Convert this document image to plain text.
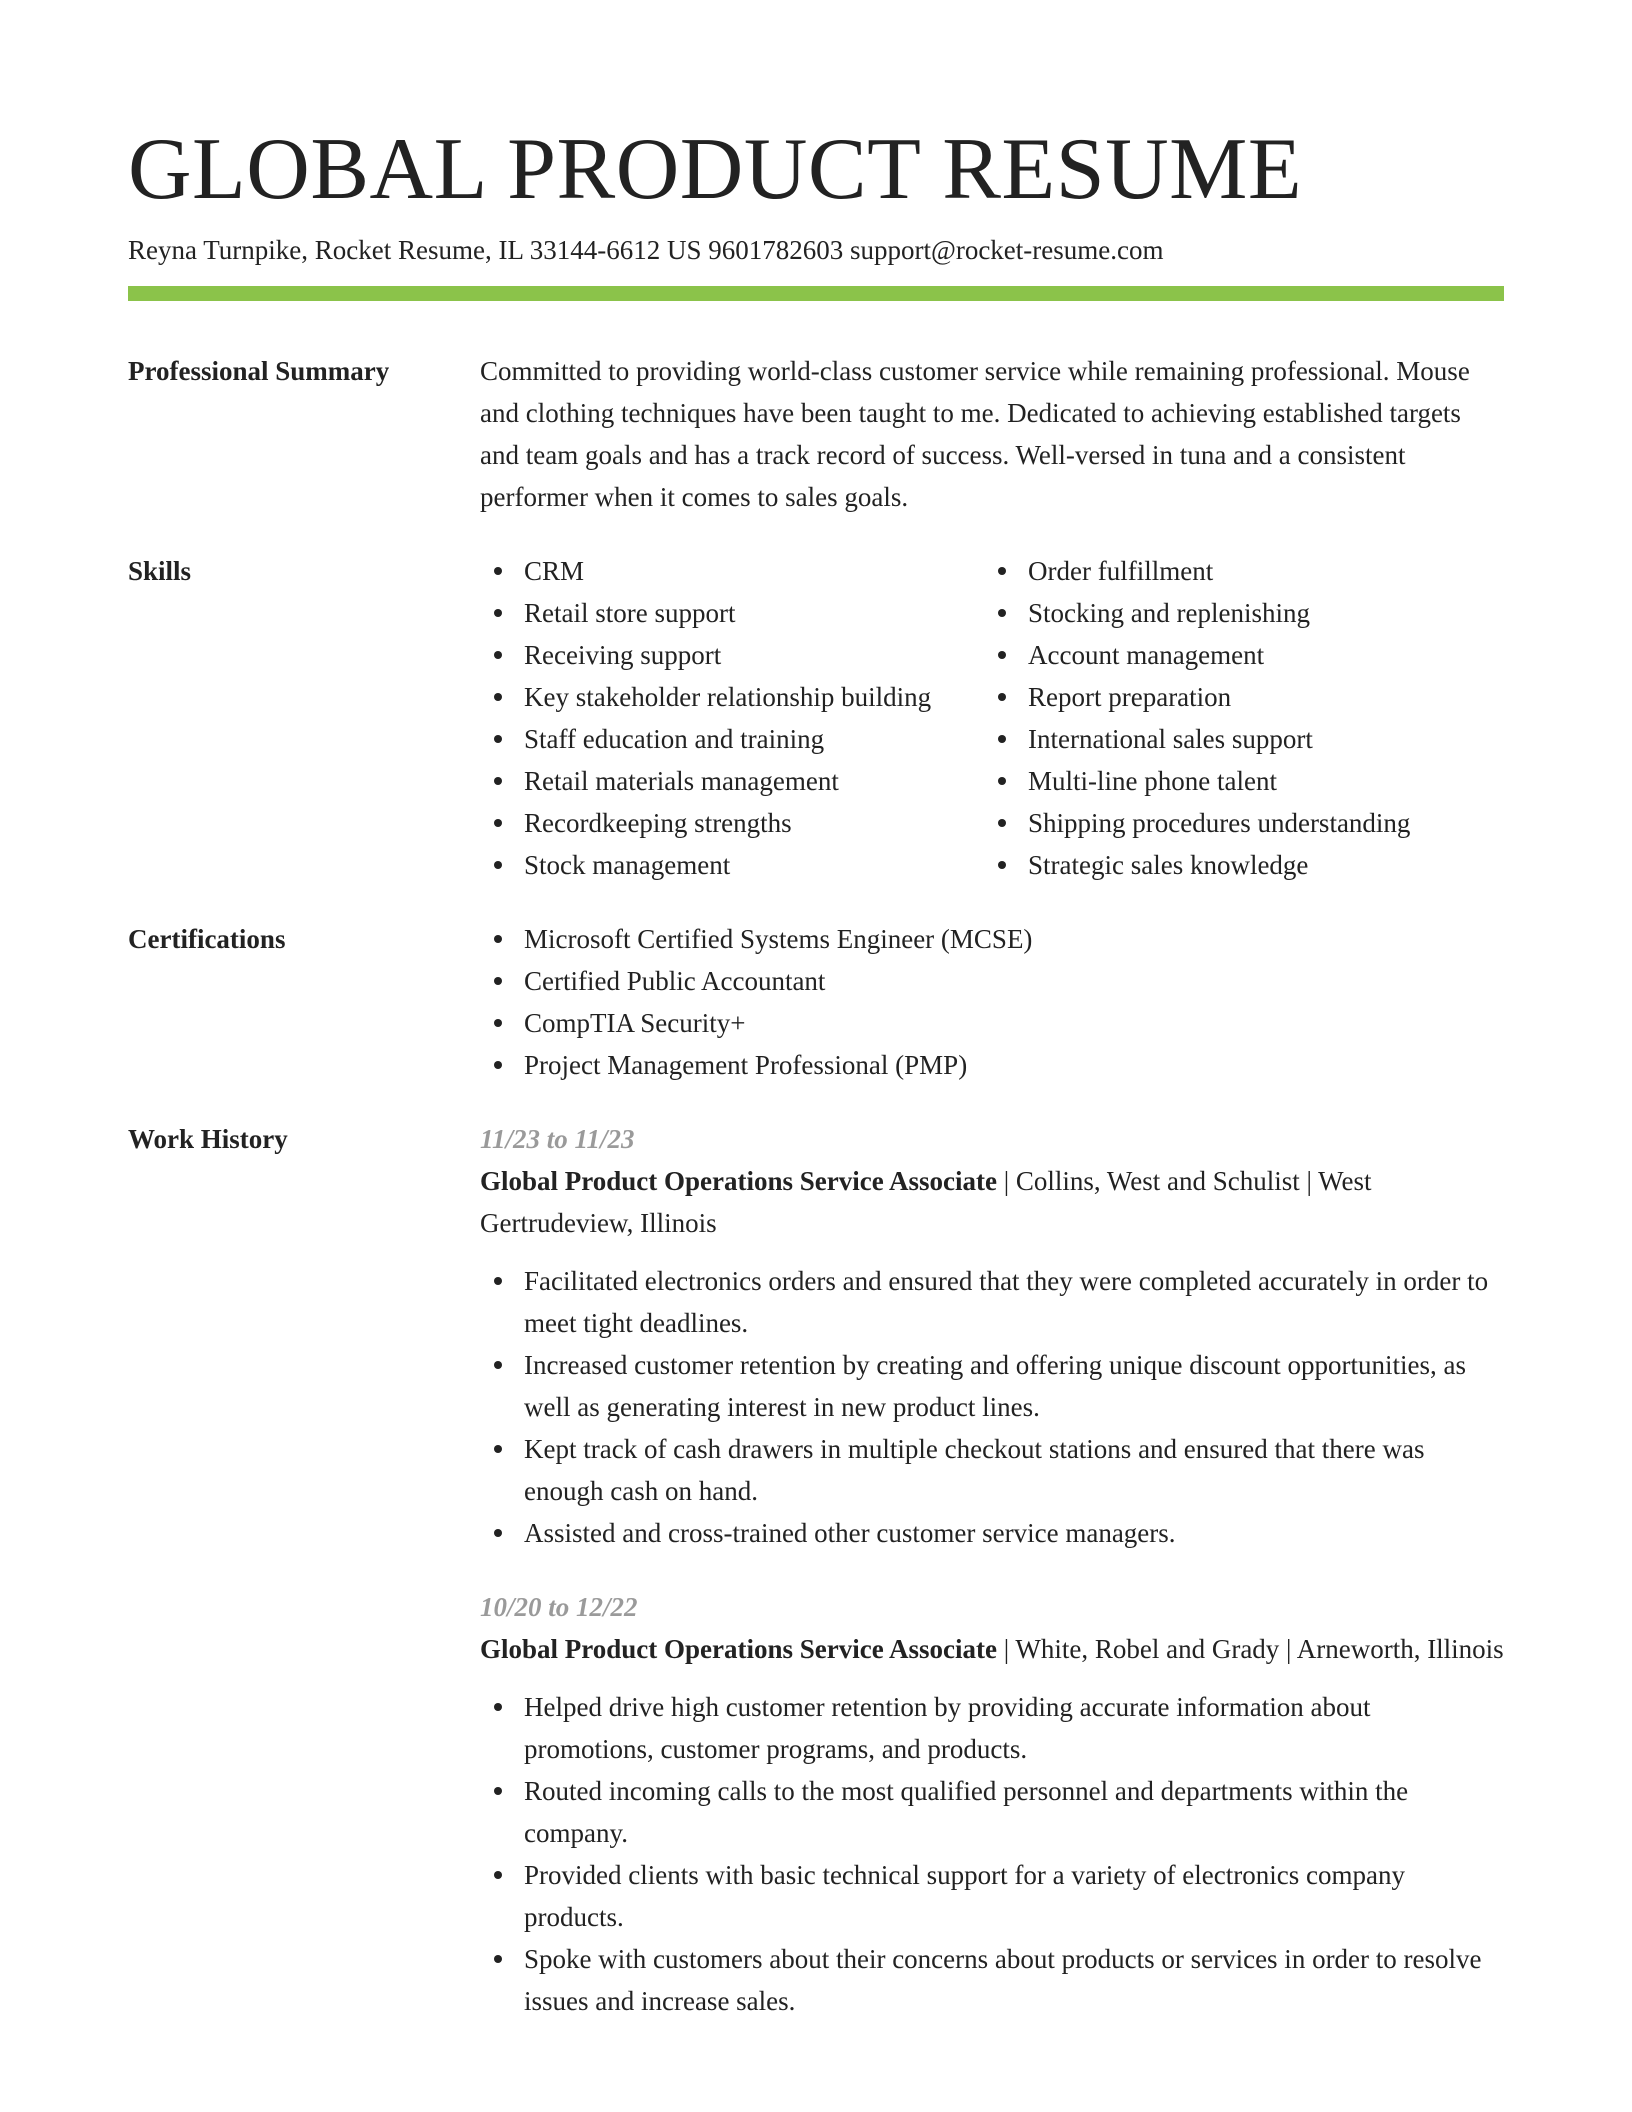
GLOBAL PRODUCT RESUME
Reyna Turnpike, Rocket Resume, IL 33144-6612 US 9601782603 support@rocket-resume.com
Professional Summary	Committed to providing world-class customer service while remaining professional. Mouse and clothing techniques have been taught to me. Dedicated to achieving established targets and team goals and has a track record of success. Well-versed in tuna and a consistent performer when it comes to sales goals.

Skills	CRM
Retail store support
Receiving support
Key stakeholder relationship building
Staff education and training
Retail materials management
Recordkeeping strengths
Stock management
Order fulfillment
Stocking and replenishing
Account management
Report preparation
International sales support
Multi-line phone talent
Shipping procedures understanding
Strategic sales knowledge
Certifications	Microsoft Certified Systems Engineer (MCSE)
Certified Public Accountant
CompTIA Security+
Project Management Professional (PMP)
Work History	11/23 to 11/23
Global Product Operations Service Associate | Collins, West and Schulist | West Gertrudeview, Illinois
Facilitated electronics orders and ensured that they were completed accurately in order to meet tight deadlines.
Increased customer retention by creating and offering unique discount opportunities, as well as generating interest in new product lines.
Kept track of cash drawers in multiple checkout stations and ensured that there was enough cash on hand.
Assisted and cross-trained other customer service managers.
10/20 to 12/22
Global Product Operations Service Associate | White, Robel and Grady | Arneworth, Illinois
Helped drive high customer retention by providing accurate information about promotions, customer programs, and products.
Routed incoming calls to the most qualified personnel and departments within the company.
Provided clients with basic technical support for a variety of electronics company products.
Spoke with customers about their concerns about products or services in order to resolve issues and increase sales.
